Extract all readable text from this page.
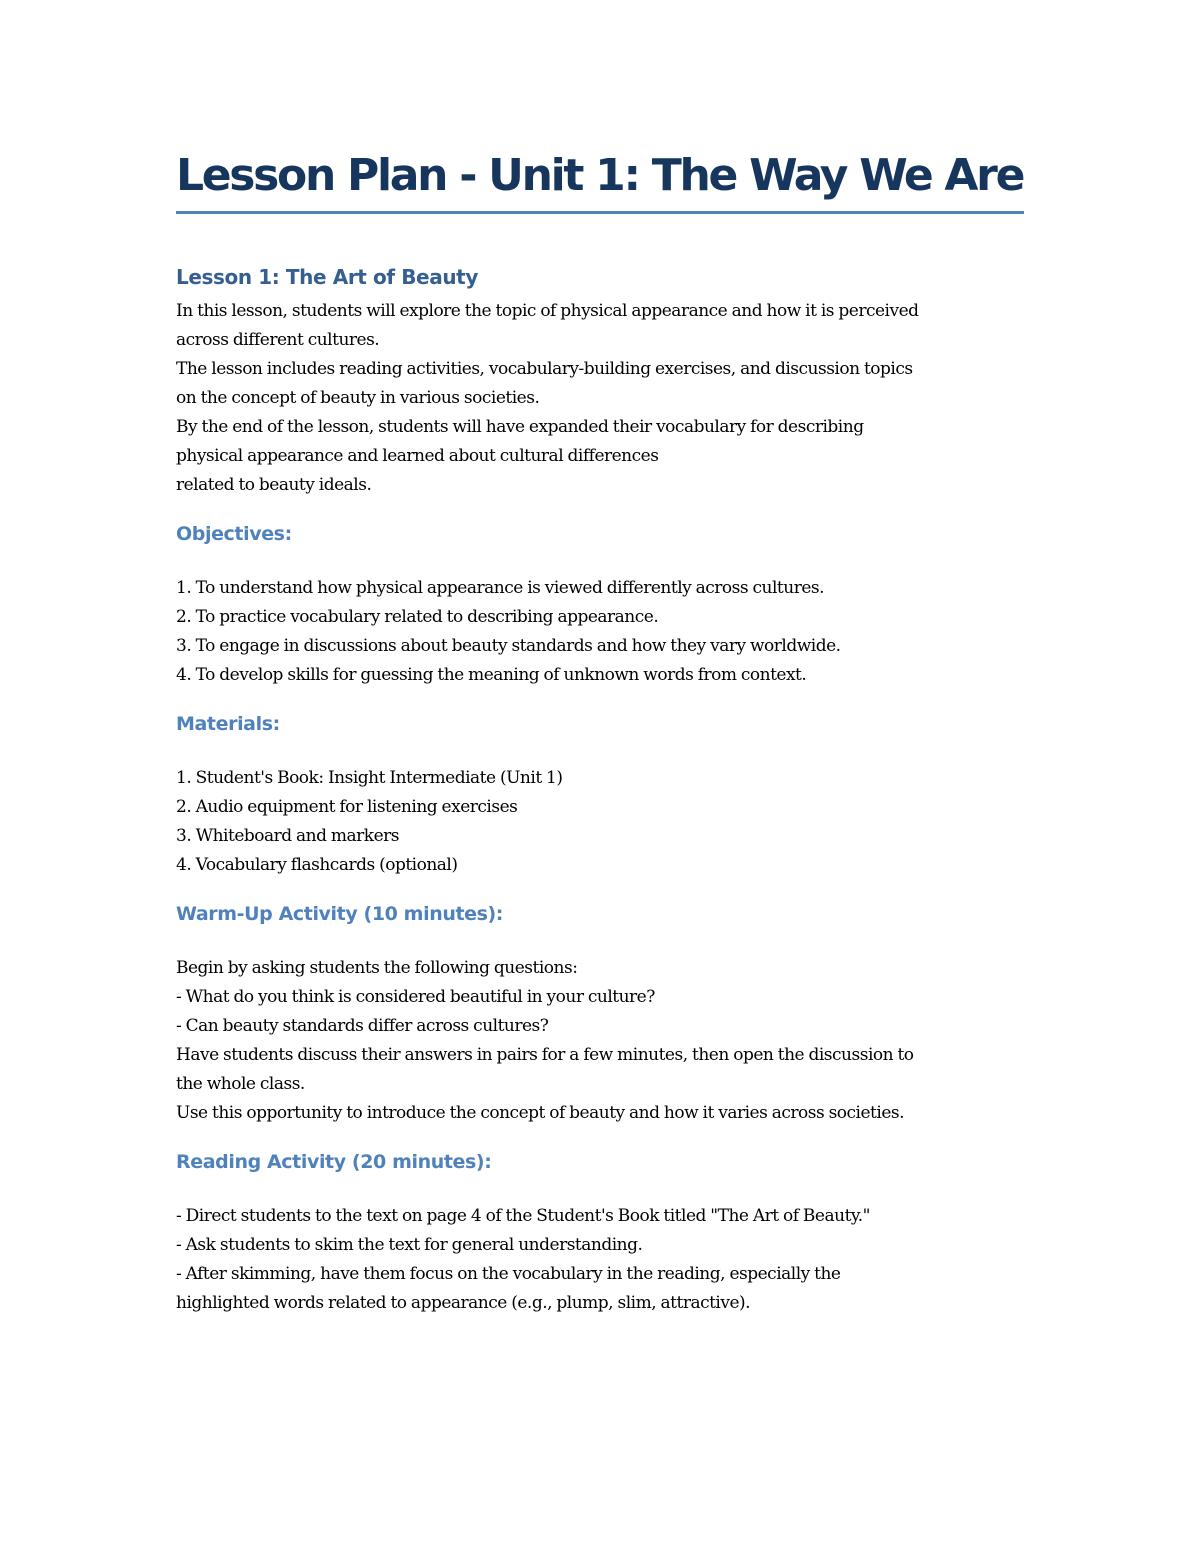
Lesson Plan - Unit 1: The Way We Are
Lesson 1: The Art of Beauty

In this lesson, students will explore the topic of physical appearance and how it is perceived

across different cultures.

The lesson includes reading activities, vocabulary-building exercises, and discussion topics

on the concept of beauty in various societies.

By the end of the lesson, students will have expanded their vocabulary for describing

physical appearance and learned about cultural differences

related to beauty ideals.

Objectives:

1. To understand how physical appearance is viewed differently across cultures.

2. To practice vocabulary related to describing appearance.

3. To engage in discussions about beauty standards and how they vary worldwide.

4. To develop skills for guessing the meaning of unknown words from context.

Materials:

1. Student's Book: Insight Intermediate (Unit 1)

2. Audio equipment for listening exercises

3. Whiteboard and markers

4. Vocabulary flashcards (optional)

Warm-Up Activity (10 minutes):

Begin by asking students the following questions:

- What do you think is considered beautiful in your culture?

- Can beauty standards differ across cultures?

Have students discuss their answers in pairs for a few minutes, then open the discussion to

the whole class.

Use this opportunity to introduce the concept of beauty and how it varies across societies.

Reading Activity (20 minutes):

- Direct students to the text on page 4 of the Student's Book titled "The Art of Beauty."

- Ask students to skim the text for general understanding.

- After skimming, have them focus on the vocabulary in the reading, especially the

highlighted words related to appearance (e.g., plump, slim, attractive).
